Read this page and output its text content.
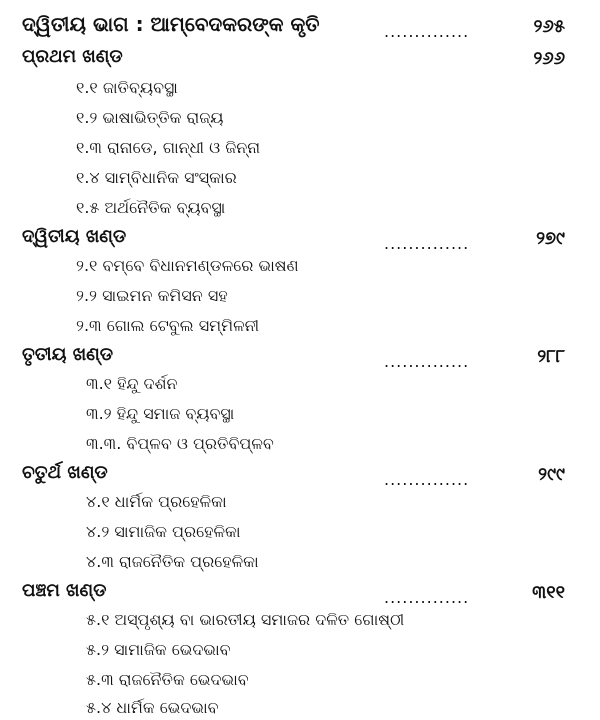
ଦ୍ୱିତୀୟ ଭାଗ : ଆମ୍ବେଦକରଙ୍କ କୃତି	..............	୨୬୫
ପ୍ରଥମ ଖଣ୍ଡ	୨୬୬
୧.୧ ଜାତିବ୍ୟବସ୍ଥା
୧.୨ ଭାଷାଭିତ୍ତିକ ରାଜ୍ୟ
୧.୩ ରାନାଡେ, ଗାନ୍ଧୀ ଓ ଜିନ୍ନା
୧.୪ ସାମ୍ବିଧାନିକ ସଂସ୍କାର
୧.୫ ଅର୍ଥନୈତିକ ବ୍ୟବସ୍ଥା
ଦ୍ୱିତୀୟ ଖଣ୍ଡ	..............	୨୭୯
୨.୧ ବମ୍ବେ ବିଧାନମଣ୍ଡଳରେ ଭାଷଣ
୨.୨ ସାଇମନ କମିସନ ସହ
୨.୩ ଗୋଲ ଟେବୁଲ ସମ୍ମିଳନୀ
ତୃତୀୟ ଖଣ୍ଡ	..............	୨୮୮
୩.୧ ହିନ୍ଦୁ ଦର୍ଶନ
୩.୨ ହିନ୍ଦୁ ସମାଜ ବ୍ୟବସ୍ଥା
୩.୩. ବିପ୍ଳବ ଓ ପ୍ରତିବିପ୍ଳବ
ଚତୁର୍ଥ ଖଣ୍ଡ	..............	୨୯୯
୪.୧ ଧାର୍ମିକ ପ୍ରହେଳିକା
୪.୨ ସାମାଜିକ ପ୍ରହେଳିକା
୪.୩ ରାଜନୈତିକ ପ୍ରହେଳିକା
ପଞ୍ଚମ ଖଣ୍ଡ	..............	୩୧୧
୫.୧ ଅସ୍ପୃଶ୍ୟ ବା ଭାରତୀୟ ସମାଜର ଦଳିତ ଗୋଷ୍ଠୀ
୫.୨ ସାମାଜିକ ଭେଦଭାବ
୫.୩ ରାଜନୈତିକ ଭେଦଭାବ
୫.୪ ଧାର୍ମିକ ଭେଦଭାବ
